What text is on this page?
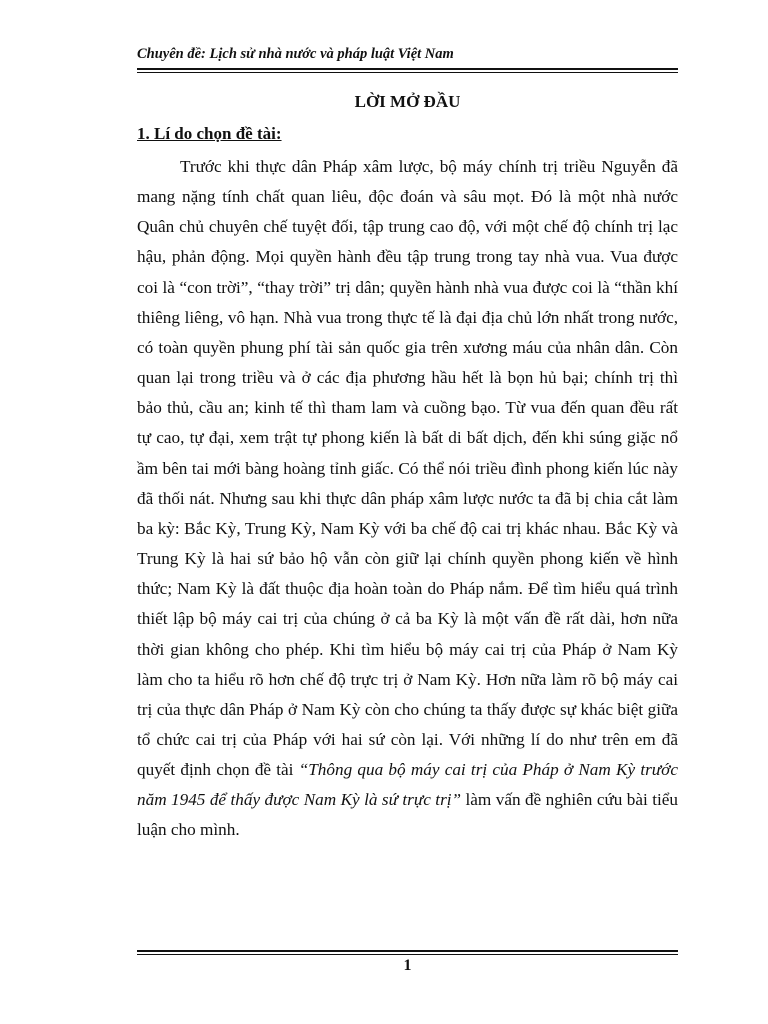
Chuyên đề: Lịch sử nhà nước và pháp luật Việt Nam
LỜI MỞ ĐẦU
1. Lí do chọn đề tài:

Trước khi thực dân Pháp xâm lược, bộ máy chính trị triều Nguyễn đã mang nặng tính chất quan liêu, độc đoán và sâu mọt. Đó là một nhà nước Quân chủ chuyên chế tuyệt đối, tập trung cao độ, với một chế độ chính trị lạc hậu, phản động. Mọi quyền hành đều tập trung trong tay nhà vua. Vua được coi là “con trời”, “thay trời” trị dân; quyền hành nhà vua được coi là “thần khí thiêng liêng, vô hạn. Nhà vua trong thực tế là đại địa chủ lớn nhất trong nước, có toàn quyền phung phí tài sản quốc gia trên xương máu của nhân dân. Còn quan lại trong triều và ở các địa phương hầu hết là bọn hủ bại; chính trị thì bảo thủ, cầu an; kinh tế thì tham lam và cuồng bạo. Từ vua đến quan đều rất tự cao, tự đại, xem trật tự phong kiến là bất di bất dịch, đến khi súng giặc nổ ầm bên tai mới bàng hoàng tỉnh giấc. Có thể nói triều đình phong kiến lúc này đã thối nát. Nhưng sau khi thực dân pháp xâm lược nước ta đã bị chia cắt làm ba kỳ: Bắc Kỳ, Trung Kỳ, Nam Kỳ với ba chế độ cai trị khác nhau. Bắc Kỳ và Trung Kỳ là hai sứ bảo hộ vẫn còn giữ lại chính quyền phong kiến về hình thức; Nam Kỳ là đất thuộc địa hoàn toàn do Pháp nắm. Để tìm hiểu quá trình thiết lập bộ máy cai trị của chúng ở cả ba Kỳ là một vấn đề rất dài, hơn nữa thời gian không cho phép. Khi tìm hiểu bộ máy cai trị của Pháp ở Nam Kỳ làm cho ta hiểu rõ hơn chế độ trực trị ở Nam Kỳ. Hơn nữa làm rõ bộ máy cai trị của thực dân Pháp ở Nam Kỳ còn cho chúng ta thấy được sự khác biệt giữa tổ chức cai trị của Pháp với hai sứ còn lại. Với những lí do như trên em đã quyết định chọn đề tài “Thông qua bộ máy cai trị của Pháp ở Nam Kỳ trước năm 1945 để thấy được Nam Kỳ là sứ trực trị” làm vấn đề nghiên cứu bài tiểu luận cho mình.

1
